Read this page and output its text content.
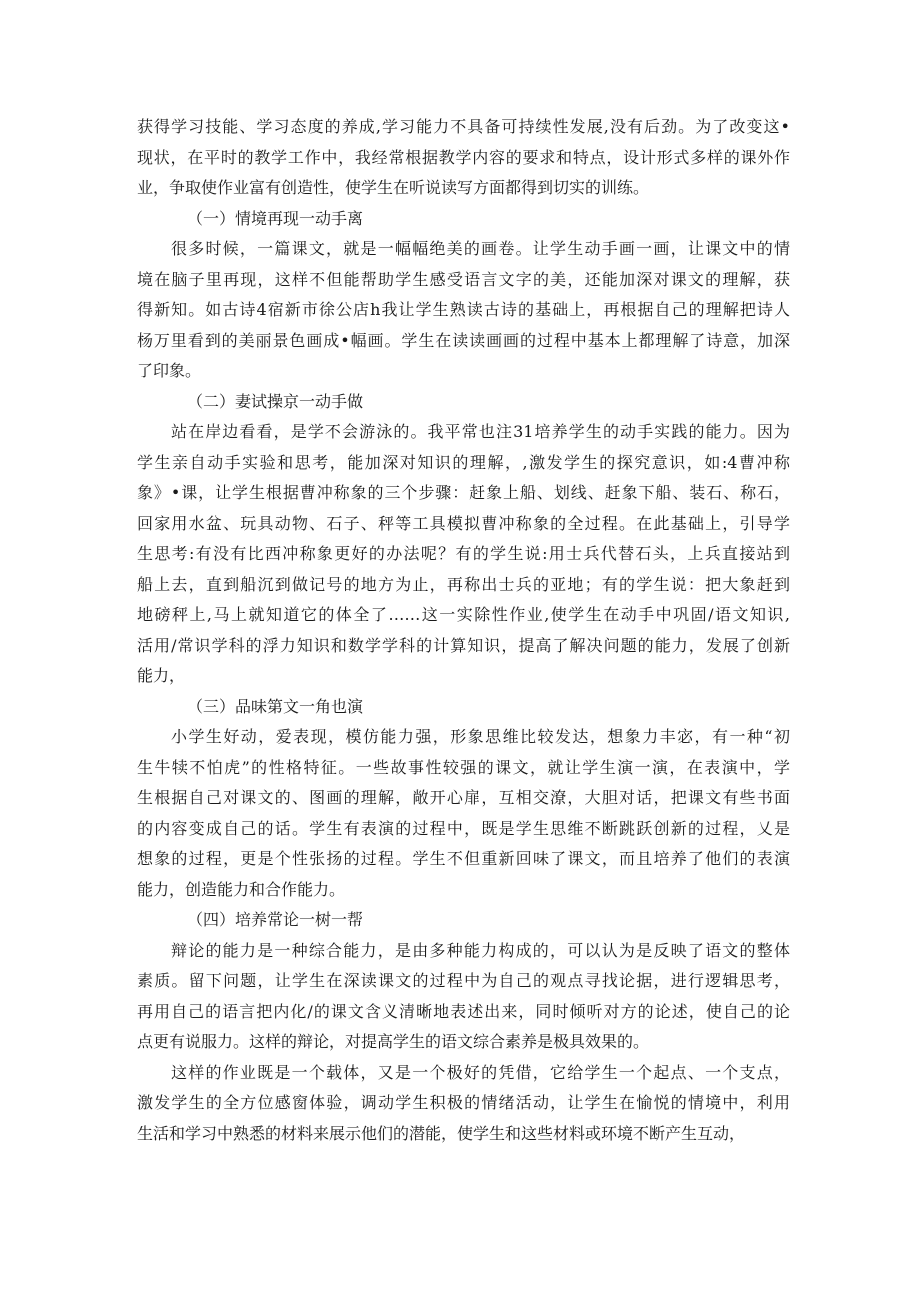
获得学习技能、学习态度的养成,学习能力不具备可持续性发展,没有后劲。为了改变这•
现状，在平时的教学工作中，我经常根据教学内容的要求和特点，设计形式多样的课外作
业，争取使作业富有创造性，使学生在听说读写方面都得到切实的训练。
（一）情境再现一动手离
很多时候，一篇课文，就是一幅幅绝美的画卷。让学生动手画一画，让课文中的情
境在脑子里再现，这样不但能帮助学生感受语言文字的美，还能加深对课文的理解，获
得新知。如古诗4宿新市徐公店h我让学生熟读古诗的基础上，再根据自己的理解把诗人
杨万里看到的美丽景色画成•幅画。学生在读读画画的过程中基本上都理解了诗意，加深
了印象。
（二）妻试操京一动手做
站在岸边看看，是学不会游泳的。我平常也注31培养学生的动手实践的能力。因为
学生亲自动手实验和思考，能加深对知识的理解，,激发学生的探究意识，如:4曹冲称
象》•课，让学生根据曹冲称象的三个步骤：赶象上船、划线、赶象下船、装石、称石，
回家用水盆、玩具动物、石子、秤等工具模拟曹冲称象的全过程。在此基础上，引导学
生思考:有没有比西冲称象更好的办法呢？有的学生说:用士兵代替石头，上兵直接站到
船上去，直到船沉到做记号的地方为止，再称出士兵的亚地；有的学生说：把大象赶到
地磅秤上,马上就知道它的体全了……这一实除性作业,使学生在动手中巩固/语文知识,
活用/常识学科的浮力知识和数学学科的计算知识，提高了解决问题的能力，发展了创新
能力，
（三）品味第文一角也演
小学生好动，爱表现，模仿能力强，形象思维比较发达，想象力丰宓，有一种“初
生牛犊不怕虎”的性格特征。一些故事性较强的课文，就让学生演一演，在表演中，学
生根据自己对课文的、图画的理解，敞开心扉，互相交潦，大胆对话，把课文有些书面
的内容变成自己的话。学生有表演的过程中，既是学生思维不断跳跃创新的过程，乂是
想象的过程，更是个性张扬的过程。学生不但重新回味了课文，而且培养了他们的表演
能力，创造能力和合作能力。
（四）培养常论一树一帮
辩论的能力是一种综合能力，是由多种能力构成的，可以认为是反映了语文的整体
素质。留下问题，让学生在深读课文的过程中为自己的观点寻找论据，进行逻辑思考，
再用自己的语言把内化/的课文含义清晰地表述出来，同时倾听对方的论述，使自己的论
点更有说服力。这样的辩论，对提高学生的语文综合素养是极具效果的。
这样的作业既是一个载体，又是一个极好的凭借，它给学生一个起点、一个支点，
激发学生的全方位感窗体验，调动学生积极的情绪活动，让学生在愉悦的情境中，利用
生活和学习中熟悉的材料来展示他们的潜能，使学生和这些材料或环境不断产生互动，
